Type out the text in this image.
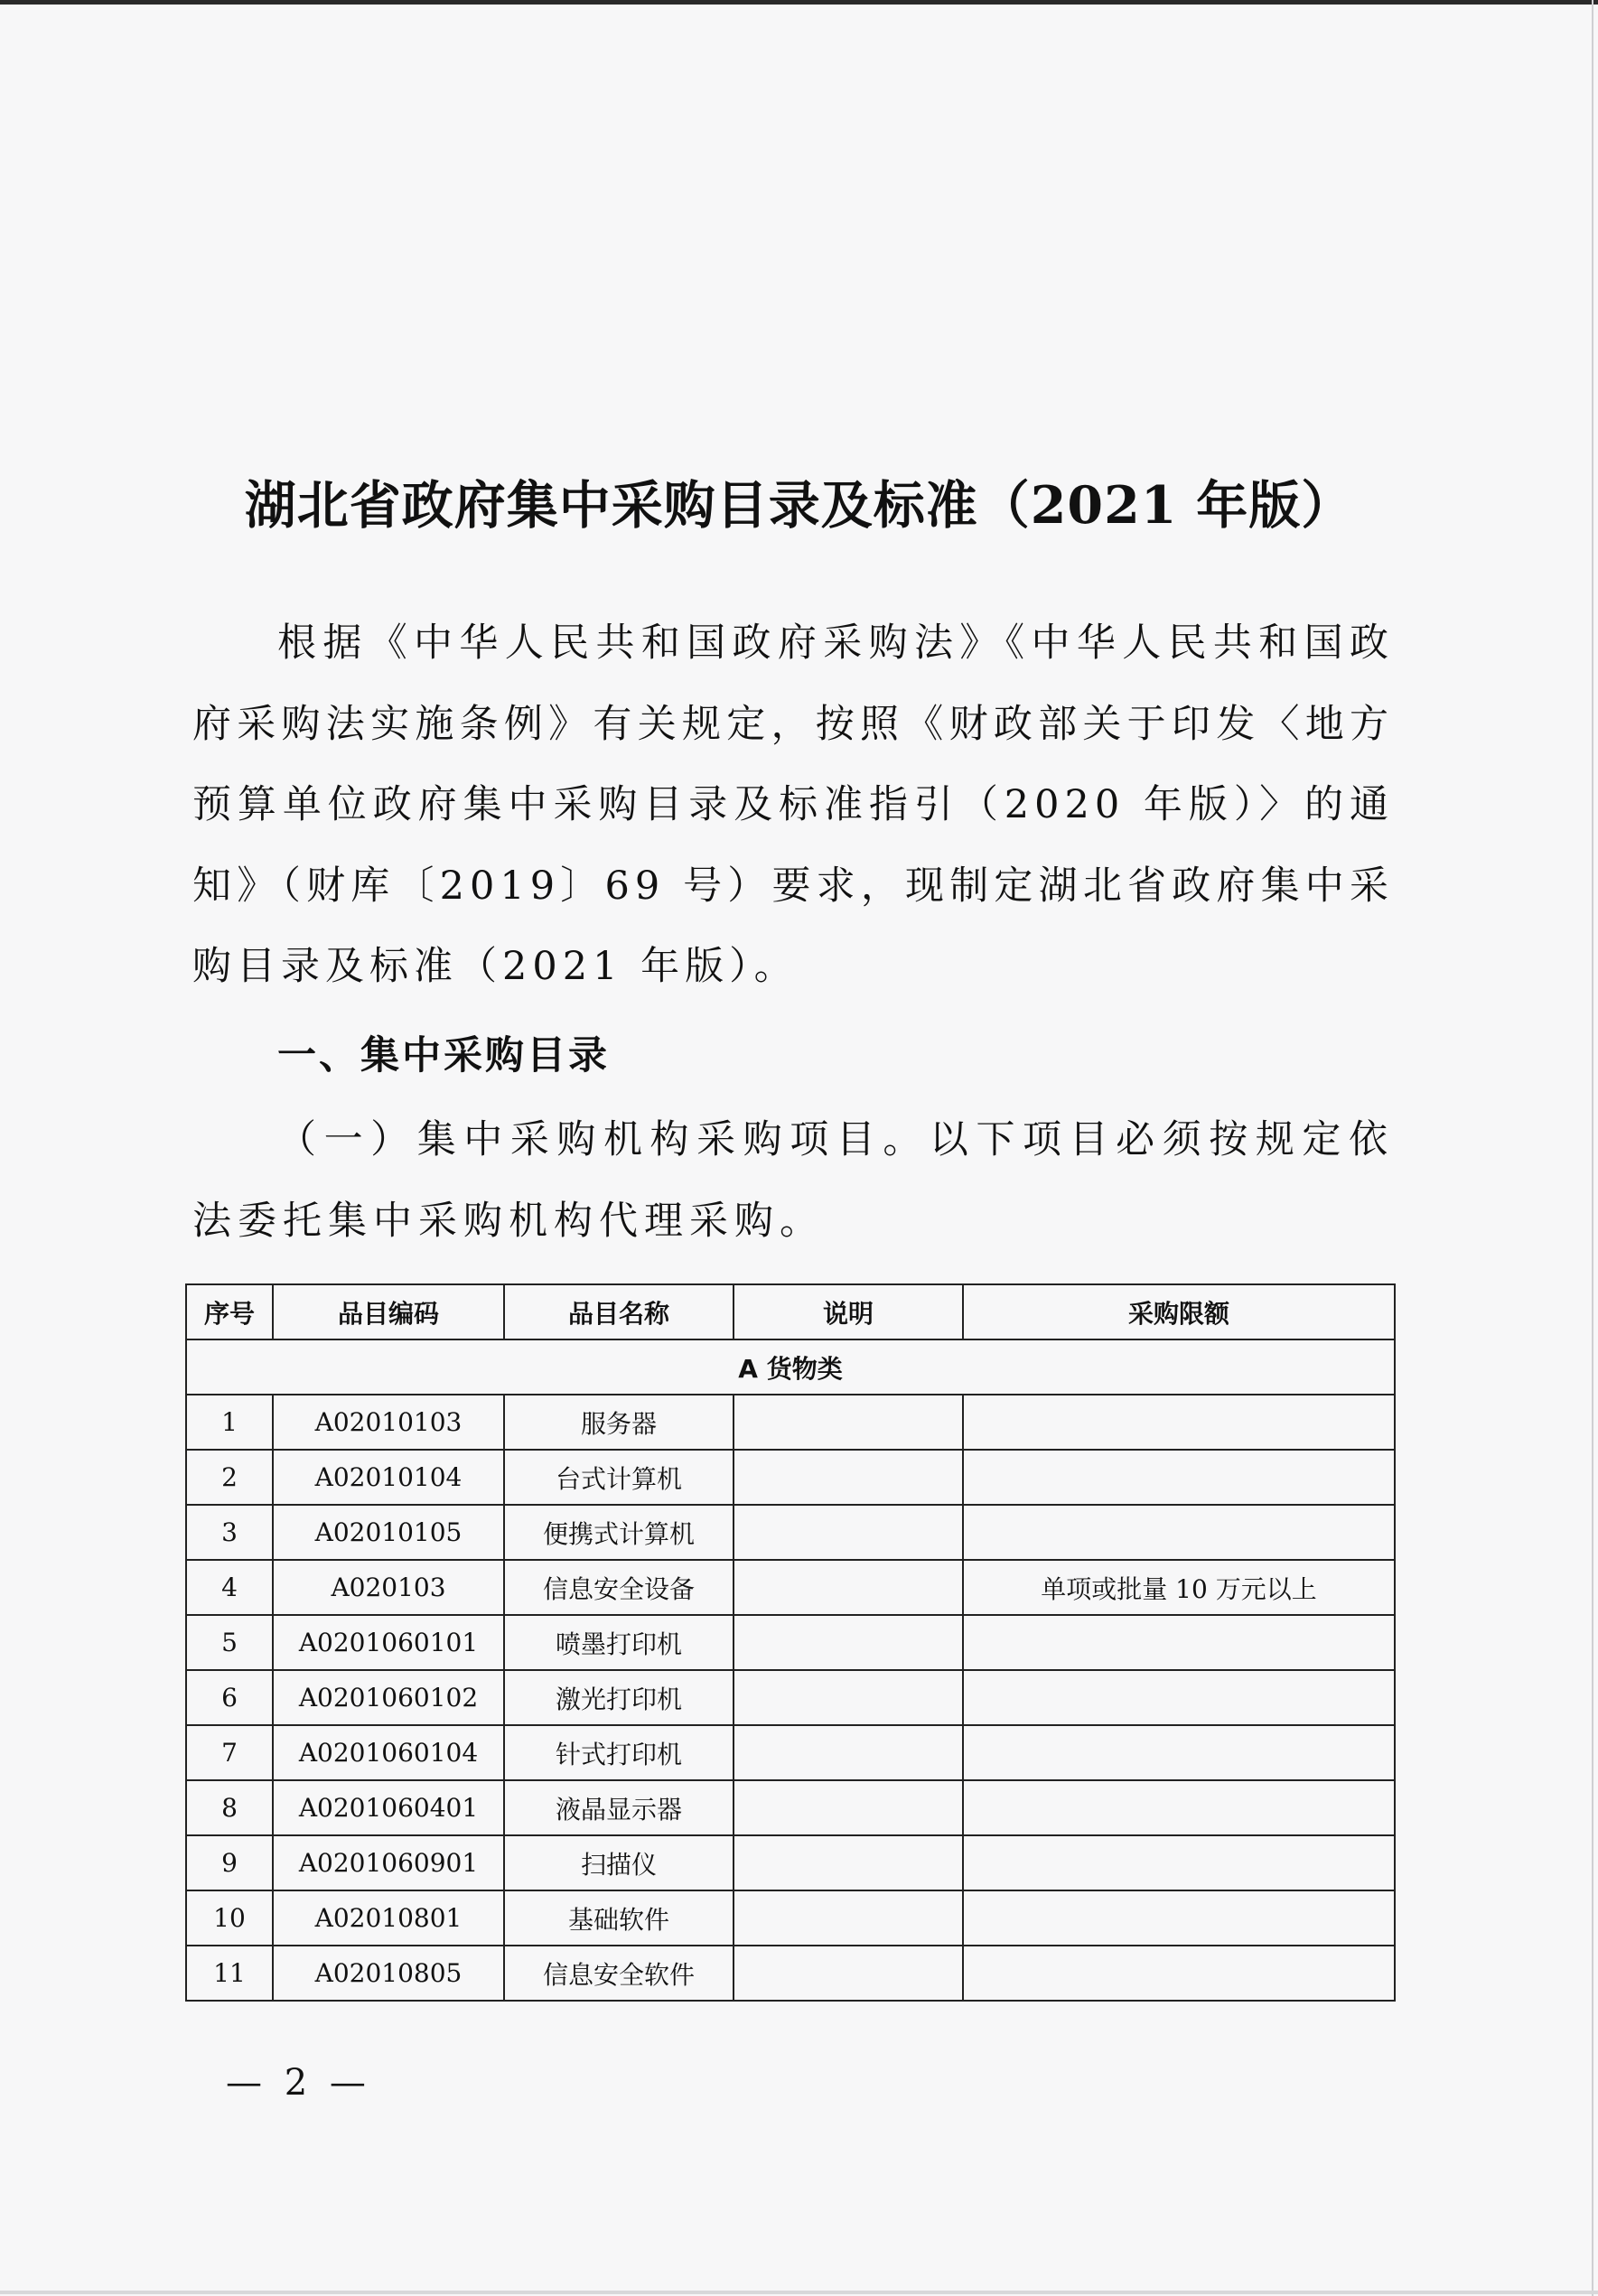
湖北省政府集中采购目录及标准（2021 年版）

根据《中华人民共和国政府采购法》《中华人民共和国政府采购法实施条例》有关规定，按照《财政部关于印发〈地方预算单位政府集中采购目录及标准指引（2020 年版）〉的通知》（财库〔2019〕69 号）要求，现制定湖北省政府集中采购目录及标准（2021 年版）。

一、集中采购目录

（一）集中采购机构采购项目。以下项目必须按规定依法委托集中采购机构代理采购。

序号	品目编码	品目名称	说明	采购限额
A 货物类				
1	A02010103	服务器		
2	A02010104	台式计算机		
3	A02010105	便携式计算机		
4	A020103	信息安全设备		单项或批量 10 万元以上
5	A0201060101	喷墨打印机		
6	A0201060102	激光打印机		
7	A0201060104	针式打印机		
8	A0201060401	液晶显示器		
9	A0201060901	扫描仪		
10	A02010801	基础软件		
11	A02010805	信息安全软件		
— 2 —
